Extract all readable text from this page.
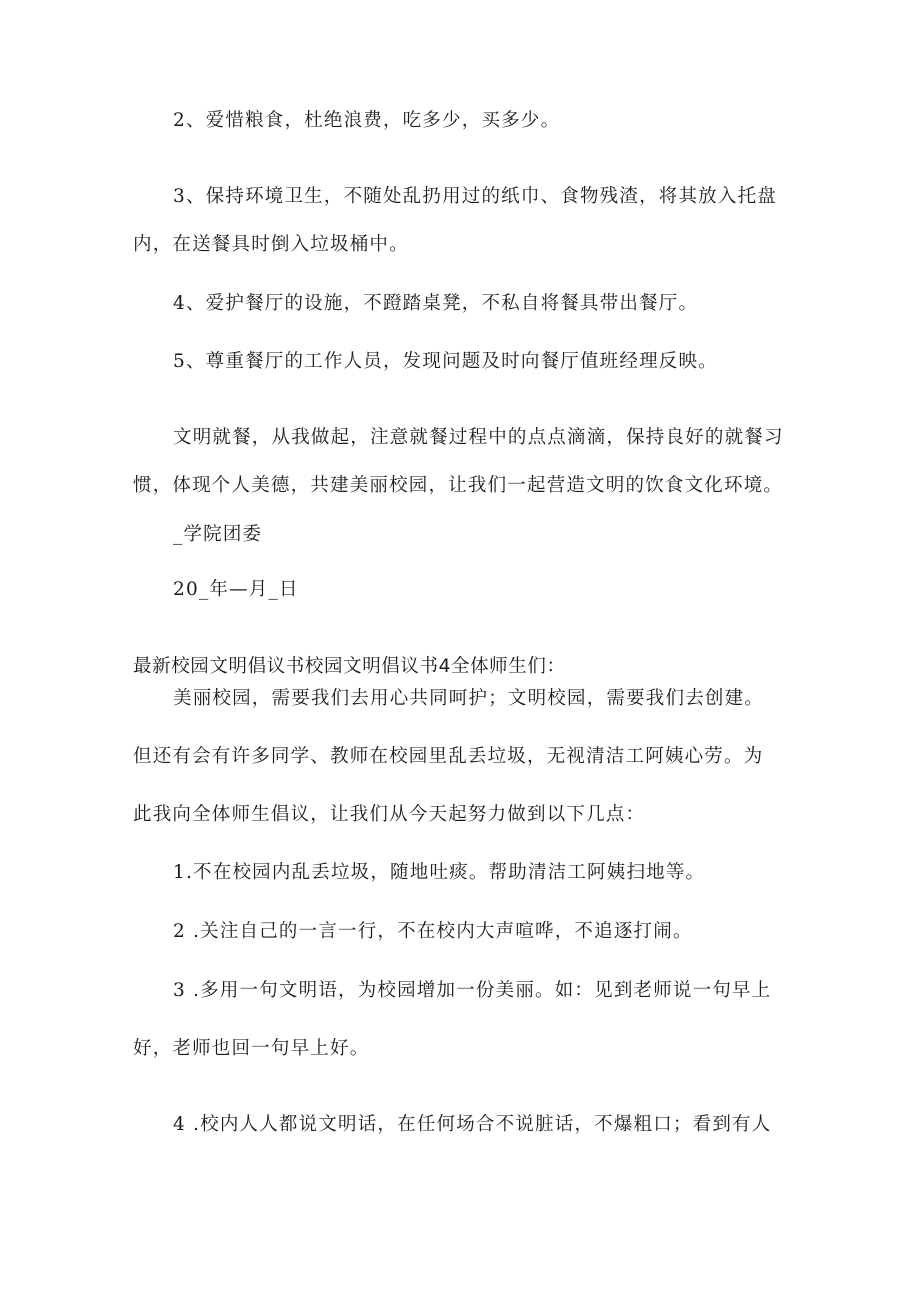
2、爱惜粮食，杜绝浪费，吃多少，买多少。

3、保持环境卫生，不随处乱扔用过的纸巾、食物残渣，将其放入托盘

内，在送餐具时倒入垃圾桶中。

4、爱护餐厅的设施，不蹬踏桌凳，不私自将餐具带出餐厅。

5、尊重餐厅的工作人员，发现问题及时向餐厅值班经理反映。

文明就餐，从我做起，注意就餐过程中的点点滴滴，保持良好的就餐习

惯，体现个人美德，共建美丽校园，让我们一起营造文明的饮食文化环境。

_学院团委

20_年—月_日

最新校园文明倡议书校园文明倡议书4全体师生们：

美丽校园，需要我们去用心共同呵护；文明校园，需要我们去创建。

但还有会有许多同学、教师在校园里乱丢垃圾，无视清洁工阿姨心劳。为

此我向全体师生倡议，让我们从今天起努力做到以下几点：

1.不在校园内乱丢垃圾，随地吐痰。帮助清洁工阿姨扫地等。

2 .关注自己的一言一行，不在校内大声喧哗，不追逐打闹。

3 .多用一句文明语，为校园增加一份美丽。如：见到老师说一句早上

好，老师也回一句早上好。

4 .校内人人都说文明话，在任何场合不说脏话，不爆粗口；看到有人
